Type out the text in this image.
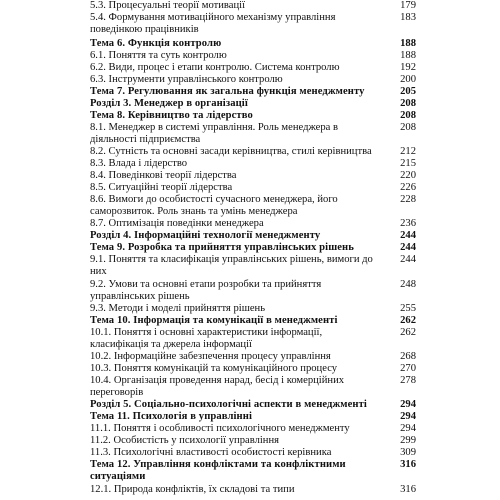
5.3. Процесуальні теорії мотивації	179
5.4. Формування мотиваційного механізму управління поведінкою працівників
183
Тема 6. Функція контролю	188
6.1. Поняття та суть контролю	188
6.2. Види, процес і етапи контролю. Система контролю	192
6.3. Інструменти управлінського контролю	200
Тема 7. Регулювання як загальна функція менеджменту	205
Розділ 3. Менеджер в організації	208
Тема 8. Керівництво та лідерство	208
8.1. Менеджер в системі управління. Роль менеджера в діяльності підприємства
208
8.2. Сутність та основні засади керівництва, стилі керівництва	212
8.3. Влада і лідерство	215
8.4. Поведінкові теорії лідерства	220
8.5. Ситуаційні теорії лідерства	226
8.6. Вимоги до особистості сучасного менеджера, його саморозвиток. Роль знань та умінь менеджера
228
8.7. Оптимізація поведінки менеджера	236
Розділ 4. Інформаційні технології менеджменту	244
Тема 9. Розробка та прийняття управлінських рішень	244
9.1. Поняття та класифікація управлінських рішень, вимоги до них
244
9.2. Умови та основні етапи розробки та прийняття управлінських рішень
248
9.3. Методи і моделі прийняття рішень	255
Тема 10. Інформація та комунікації в менеджменті	262
10.1. Поняття і основні характеристики інформації, класифікація та джерела інформації
262
10.2. Інформаційне забезпечення процесу управління	268
10.3. Поняття комунікацій та комунікаційного процесу	270
10.4. Організація проведення нарад, бесід і комерційних переговорів
278
Розділ 5. Соціально-психологічні аспекти в менеджменті	294
Тема 11. Психологія в управлінні	294
11.1. Поняття і особливості психологічного менеджменту	294
11.2. Особистість у психології управління	299
11.3. Психологічні властивості особистості керівника	309
Тема 12. Управління конфліктами та конфліктними ситуаціями
316
12.1. Природа конфліктів, їх складові та типи	316
